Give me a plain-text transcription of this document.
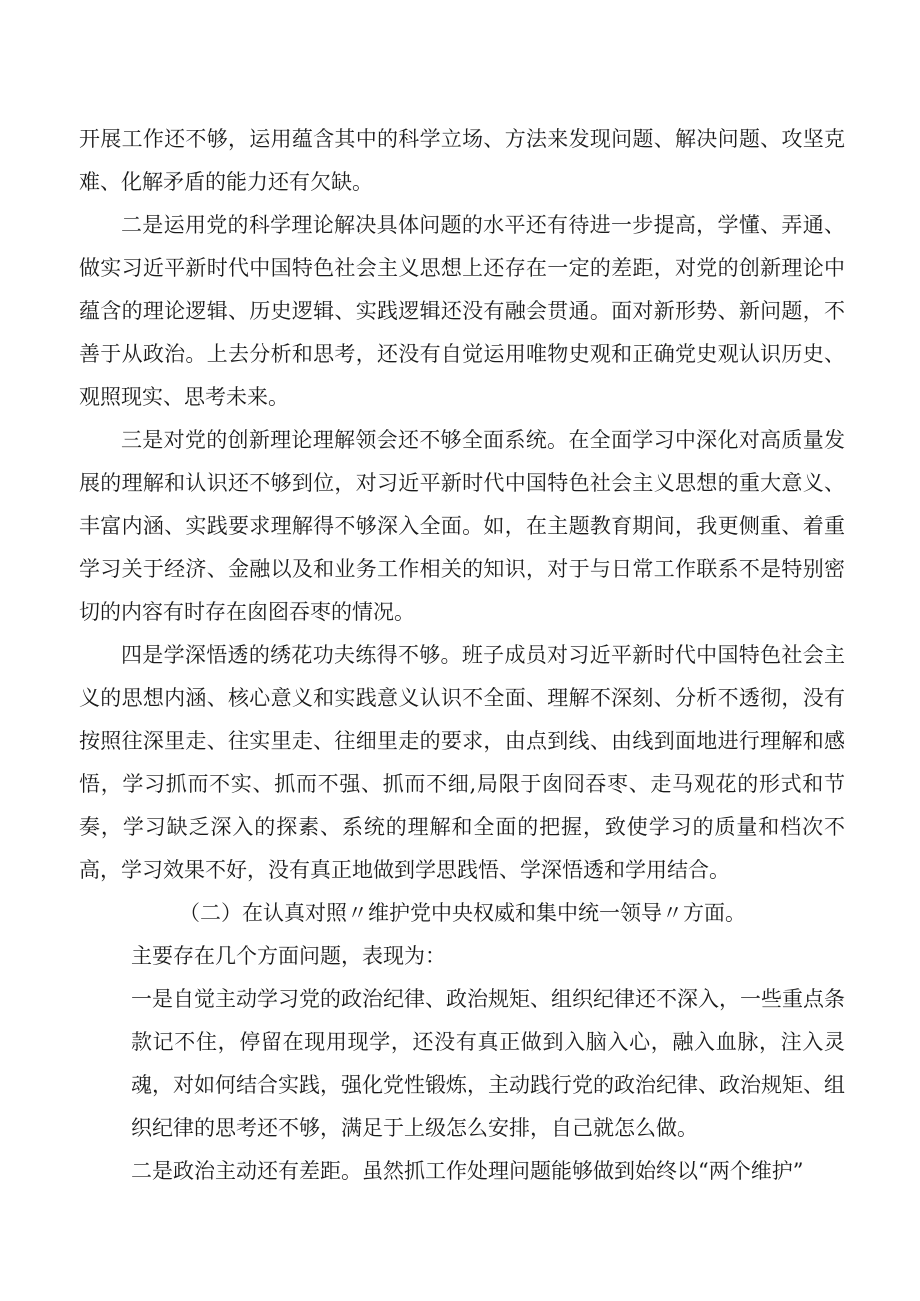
开展工作还不够，运用蕴含其中的科学立场、方法来发现问题、解决问题、攻坚克难、化解矛盾的能力还有欠缺。

二是运用党的科学理论解决具体问题的水平还有待进一步提高，学懂、弄通、做实习近平新时代中国特色社会主义思想上还存在一定的差距，对党的创新理论中蕴含的理论逻辑、历史逻辑、实践逻辑还没有融会贯通。面对新形势、新问题，不善于从政治。上去分析和思考，还没有自觉运用唯物史观和正确党史观认识历史、观照现实、思考未来。

三是对党的创新理论理解领会还不够全面系统。在全面学习中深化对高质量发展的理解和认识还不够到位，对习近平新时代中国特色社会主义思想的重大意义、丰富内涵、实践要求理解得不够深入全面。如，在主题教育期间，我更侧重、着重学习关于经济、金融以及和业务工作相关的知识，对于与日常工作联系不是特别密切的内容有时存在囱囵吞枣的情况。

四是学深悟透的绣花功夫练得不够。班子成员对习近平新时代中国特色社会主义的思想内涵、核心意义和实践意义认识不全面、理解不深刻、分析不透彻，没有按照往深里走、往实里走、往细里走的要求，由点到线、由线到面地进行理解和感悟，学习抓而不实、抓而不强、抓而不细,局限于囱冏吞枣、走马观花的形式和节奏，学习缺乏深入的探素、系统的理解和全面的把握，致使学习的质量和档次不高，学习效果不好，没有真正地做到学思践悟、学深悟透和学用结合。

（二）在认真对照〃维护党中央权威和集中统一领导〃方面。

主要存在几个方面问题，表现为：

一是自觉主动学习党的政治纪律、政治规矩、组织纪律还不深入，一些重点条款记不住，停留在现用现学，还没有真正做到入脑入心，融入血脉，注入灵魂，对如何结合实践，强化党性锻炼，主动践行党的政治纪律、政治规矩、组织纪律的思考还不够，满足于上级怎么安排，自己就怎么做。

二是政治主动还有差距。虽然抓工作处理问题能够做到始终以“两个维护”
